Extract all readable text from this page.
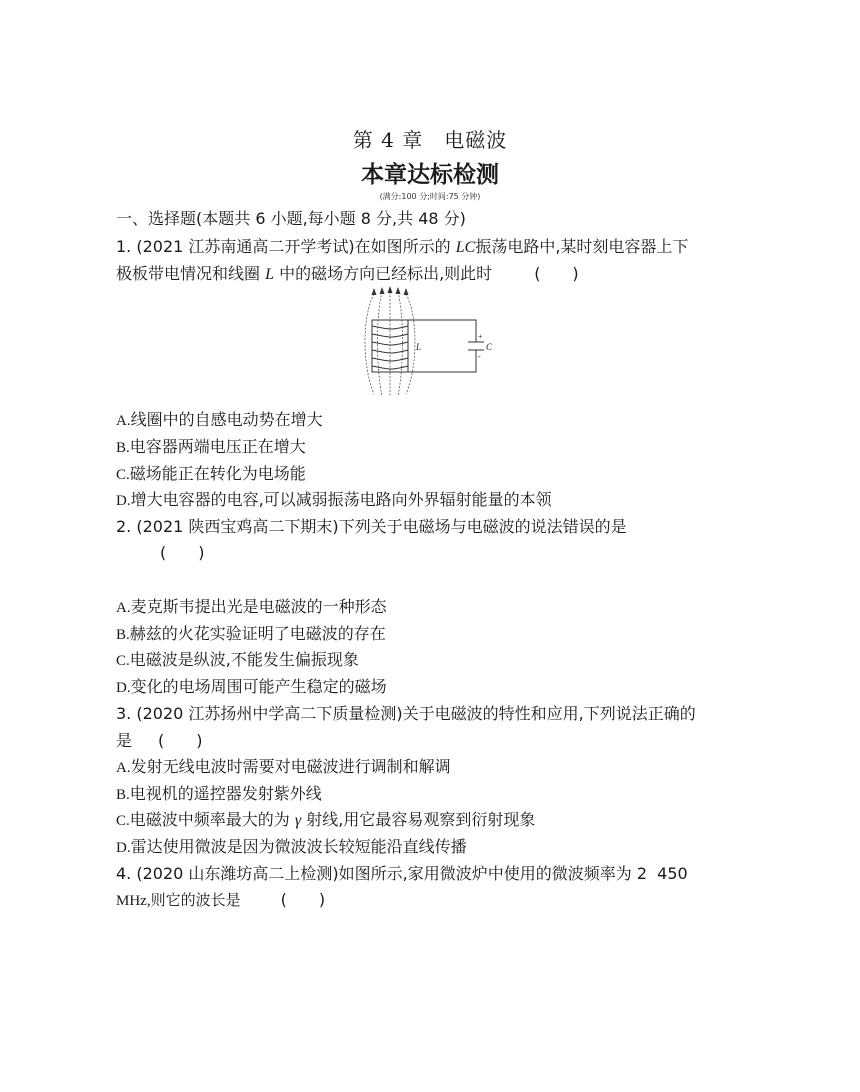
第 4 章　电磁波
本章达标检测
(满分:100 分;时间:75 分钟)
一、选择题(本题共 6 小题,每小题 8 分,共 48 分)
1. (2021 江苏南通高二开学考试)在如图所示的 LC振荡电路中,某时刻电容器上下
极板带电情况和线圈 L 中的磁场方向已经标出,则此时	(　　)
L	C
+
-
A.线圈中的自感电动势在增大
B.电容器两端电压正在增大
C.磁场能正在转化为电场能
D.增大电容器的电容,可以减弱振荡电路向外界辐射能量的本领
2. (2021 陕西宝鸡高二下期末)下列关于电磁场与电磁波的说法错误的是
(　　)
A.麦克斯韦提出光是电磁波的一种形态
B.赫兹的火花实验证明了电磁波的存在
C.电磁波是纵波,不能发生偏振现象
D.变化的电场周围可能产生稳定的磁场
3. (2020 江苏扬州中学高二下质量检测)关于电磁波的特性和应用,下列说法正确的
是 (　　)
A.发射无线电波时需要对电磁波进行调制和解调
B.电视机的遥控器发射紫外线
C.电磁波中频率最大的为 γ 射线,用它最容易观察到衍射现象
D.雷达使用微波是因为微波波长较短能沿直线传播
4. (2020 山东潍坊高二上检测)如图所示,家用微波炉中使用的微波频率为 2  450
MHz,则它的波长是	(　　)
